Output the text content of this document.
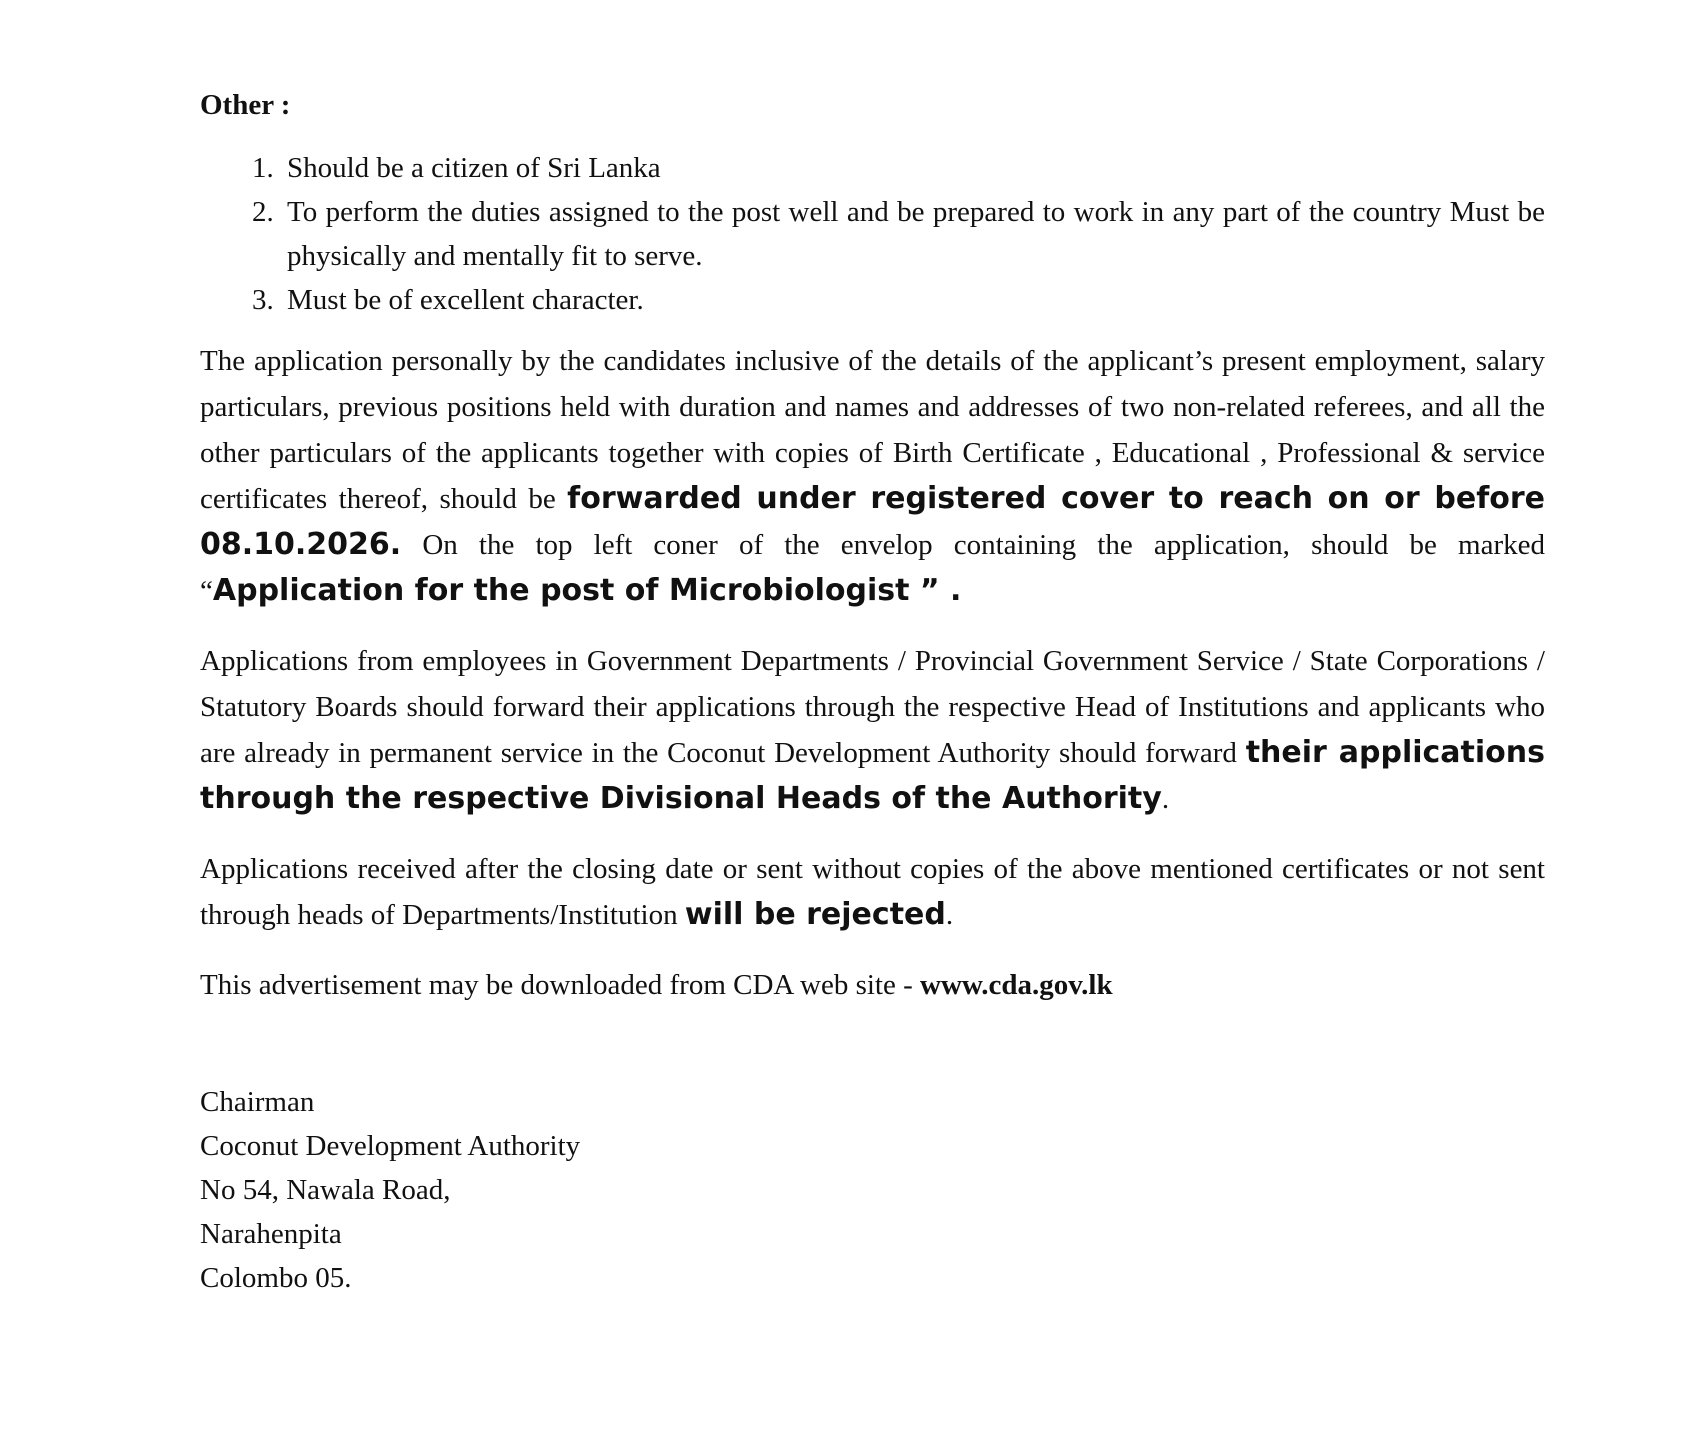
Other :
1. Should be a citizen of Sri Lanka
2. To perform the duties assigned to the post well and be prepared to work in any part of the country Must be physically and mentally fit to serve.
3. Must be of excellent character.

The application personally by the candidates inclusive of the details of the applicant’s present employment, salary particulars, previous positions held with duration and names and addresses of two non-related referees, and all the other particulars of the applicants together with copies of Birth Certificate , Educational , Professional & service certificates thereof, should be forwarded under registered cover to reach on or before 08.10.2026. On the top left coner of the envelop containing the application, should be marked “Application for the post of Microbiologist ” .

Applications from employees in Government Departments / Provincial Government Service / State Corporations / Statutory Boards should forward their applications through the respective Head of Institutions and applicants who are already in permanent service in the Coconut Development Authority should forward their applications through the respective Divisional Heads of the Authority.

Applications received after the closing date or sent without copies of the above mentioned certificates or not sent through heads of Departments/Institution will be rejected.

This advertisement may be downloaded from CDA web site - www.cda.gov.lk

Chairman
Coconut Development Authority
No 54, Nawala Road,
Narahenpita
Colombo 05.
